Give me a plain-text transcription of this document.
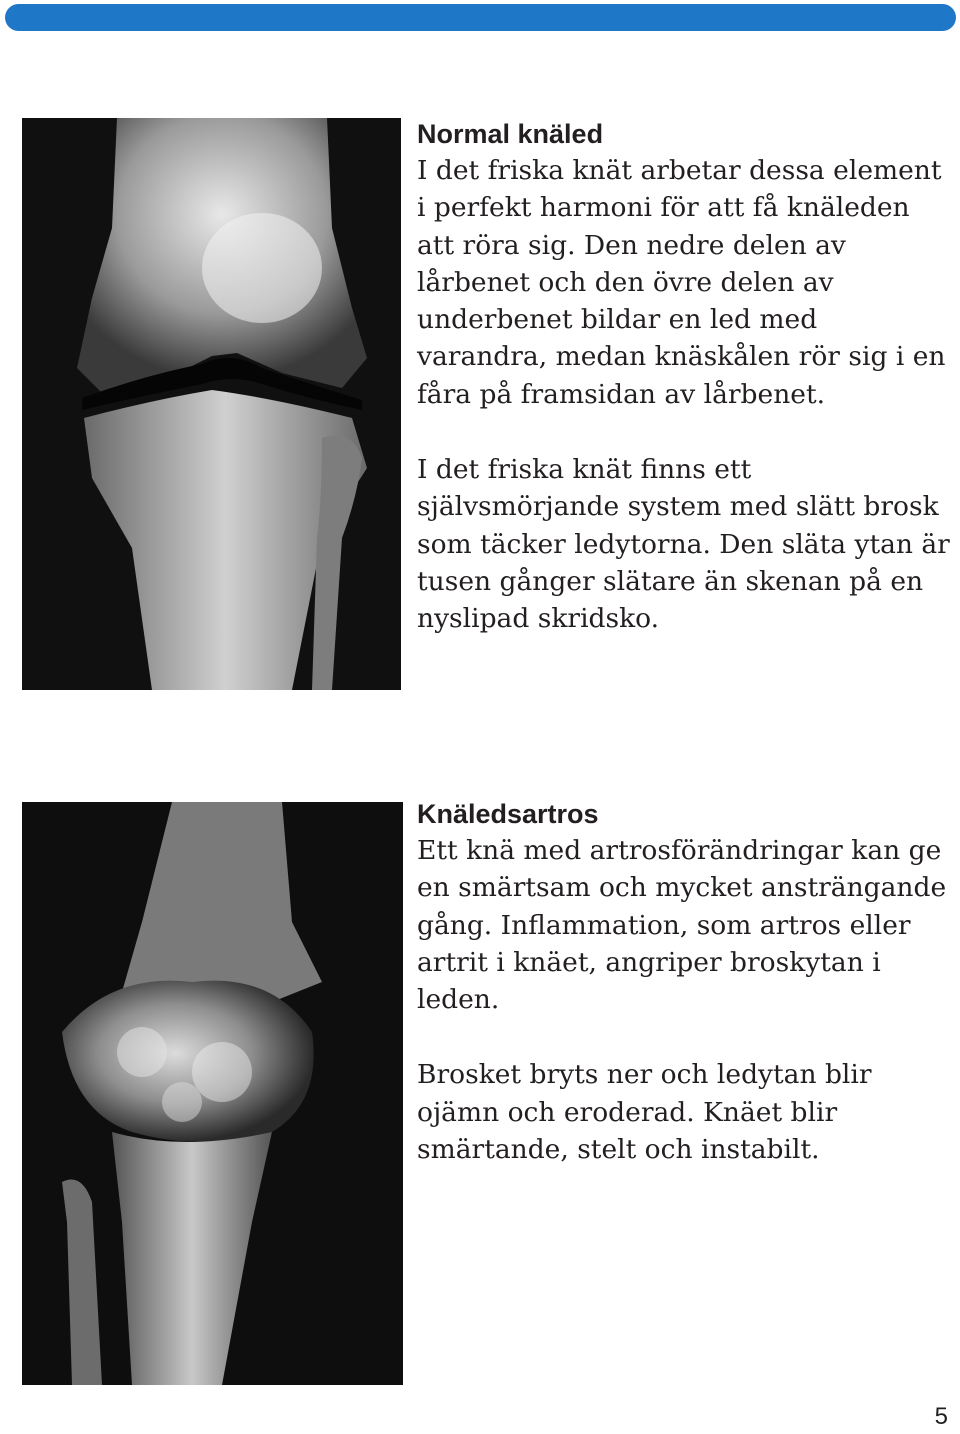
Normal knäled

I det friska knät arbetar dessa element i perfekt harmoni för att få knäleden att röra sig. Den nedre delen av lårbenet och den övre delen av underbenet bildar en led med varandra, medan knäskålen rör sig i en fåra på framsidan av lårbenet.

I det friska knät finns ett självsmörjande system med slätt brosk som täcker ledytorna. Den släta ytan är tusen gånger slätare än skenan på en nyslipad skridsko.

Knäledsartros

Ett knä med artrosförändringar kan ge en smärtsam och mycket ansträngande gång. Inflammation, som artros eller artrit i knäet, angriper broskytan i leden.

Brosket bryts ner och ledytan blir ojämn och eroderad. Knäet blir smärtande, stelt och instabilt.

5
